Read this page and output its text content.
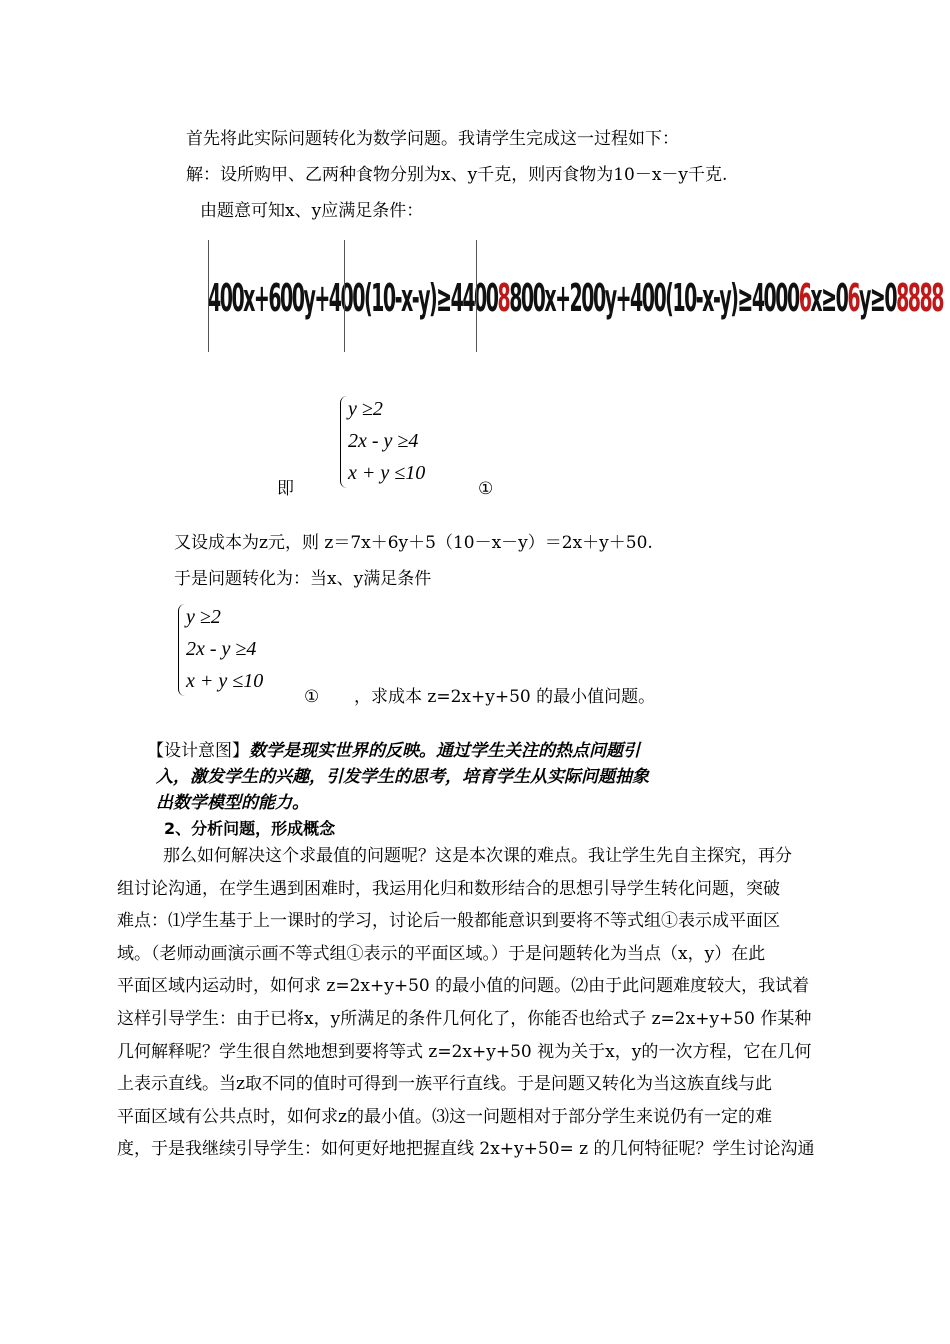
首先将此实际问题转化为数学问题。我请学生完成这一过程如下：
解：设所购甲、乙两种食物分别为x、y千克，则丙食物为10－x－y千克.
由题意可知x、y应满足条件：
400x+600y+400(10-x-y)≥44008800x+200y+400(10-x-y)≥40006x≥06y≥08888
y ≥2
2x - y ≥4
x + y ≤10
即	①
又设成本为z元，则 z＝7x＋6y＋5（10－x－y）＝2x＋y＋50.
于是问题转化为：当x、y满足条件
y ≥2
2x - y ≥4
x + y ≤10
① ，求成本 z=2x+y+50 的最小值问题。
【设计意图】数学是现实世界的反映。通过学生关注的热点问题引
入，激发学生的兴趣，引发学生的思考，培育学生从实际问题抽象
出数学模型的能力。
2、分析问题，形成概念
那么如何解决这个求最值的问题呢？这是本次课的难点。我让学生先自主探究，再分
组讨论沟通，在学生遇到困难时，我运用化归和数形结合的思想引导学生转化问题，突破
难点：⑴学生基于上一课时的学习，讨论后一般都能意识到要将不等式组①表示成平面区
域。（老师动画演示画不等式组①表示的平面区域。）于是问题转化为当点（x，y）在此
平面区域内运动时，如何求 z=2x+y+50 的最小值的问题。⑵由于此问题难度较大，我试着
这样引导学生：由于已将x，y所满足的条件几何化了，你能否也给式子 z=2x+y+50 作某种
几何解释呢？学生很自然地想到要将等式 z=2x+y+50 视为关于x，y的一次方程，它在几何
上表示直线。当z取不同的值时可得到一族平行直线。于是问题又转化为当这族直线与此
平面区域有公共点时，如何求z的最小值。⑶这一问题相对于部分学生来说仍有一定的难
度，于是我继续引导学生：如何更好地把握直线 2x+y+50= z 的几何特征呢？学生讨论沟通
